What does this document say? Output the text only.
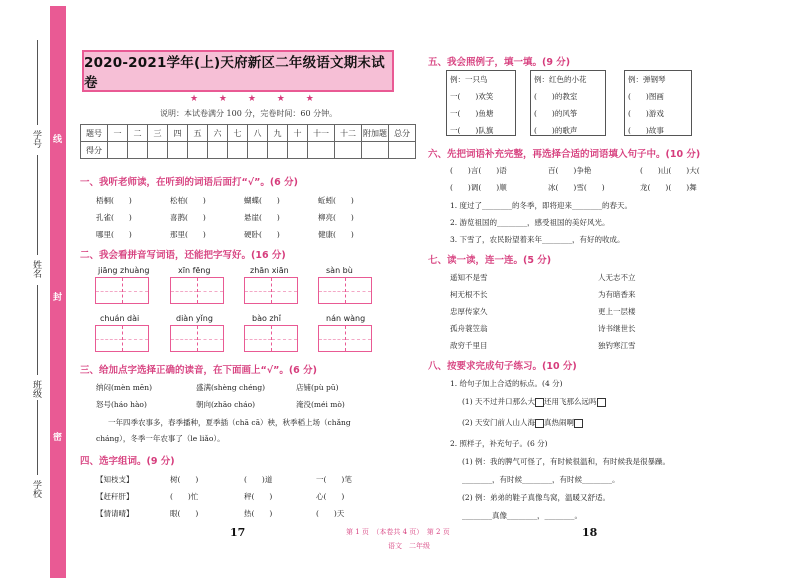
线
封
密
学号
姓名
班级
学校
2020-2021学年(上)天府新区二年级语文期末试卷
★ ★ ★ ★ ★
说明：本试卷满分 100 分，完卷时间：60 分钟。
题号	一	二	三	四	五	六	七	八	九	十	十一	十二	附加题	总分
得分														
一、我听老师读，在听到的词语后面打“√”。(6 分)
梧桐(　　)	松柏(　　)	蝴蝶(　　)	蚯蚓(　　)
孔雀(　　)	喜鹊(　　)	悬崖(　　)	柳亮(　　)
哪里(　　)	那里(　　)	硬卧(　　)	健康(　　)
二、我会看拼音写词语，还能把字写好。(16 分)
jiāng zhuàng	xīn fēng	zhān xiān	sàn bù
chuán dài	diàn yǐng	bào zhǐ	nán wàng
三、给加点字选择正确的读音，在下面画上“√”。(6 分)
纳闷(mèn mēn)	盛满(shèng chéng)	店铺(pù pū)
怒号(háo hào)	朝向(zhāo cháo)	淹没(méi mò)
一年四季农事多，春季播种，夏季插（chā cā）秧，秋季稻上场（chǎng
cháng），冬季一年农事了（le liǎo）。
四、选字组词。(9 分)
【知枝支】	树(　　)	(　　)道	一(　　)笔
【赶秆肝】	(　　)忙	秤(　　)	心(　　)
【情请晴】	眼(　　)	热(　　)	(　　)天
17
五、我会照例子，填一填。(9 分)
例：一只鸟
一(　　)欢笑
一(　　)鱼塘
一(　　)队旗
例：红色的小花
(　　)的教室
(　　)的风筝
(　　)的歌声
例：弹钢琴
(　　)图画
(　　)游戏
(　　)故事
六、先把词语补充完整，再选择合适的词语填入句子中。(10 分)
(　　)言(　　)语	百(　　)争艳	(　　)山(　　)大(
(　　)调(　　)顺	冰(　　)雪(　　)	龙(　　)(　　)舞
1. 度过了________的冬季，即将迎来________的春天。
2. 游览祖国的________，感受祖国的美好风光。
3. 下雪了，农民盼望着来年________，有好的收成。
七、读一读，连一连。(5 分)
遥知不是雪
柯无根不长
忠厚传家久
孤舟蓑笠翁
敌穷千里目
人无志不立
为有暗香来
更上一层楼
诗书继世长
独钓寒江雪
八、按要求完成句子练习。(10 分)
1. 给句子加上合适的标点。(4 分)
(1) 天不过并口那么大 还用飞那么远吗
(2) 天安门前人山人海 真热闹啊
2. 照样子，补充句子。(6 分)
(1) 例：我的脾气可怪了，有时候很温和，有时候我是很暴躁。
________，有时候________，有时候________。
(2) 例：弟弟的鞋子真像鸟窝，温暖又舒适。
________真像________，________。
18
第 1 页　（本卷共 4 页）　第 2 页
语文　二年级
